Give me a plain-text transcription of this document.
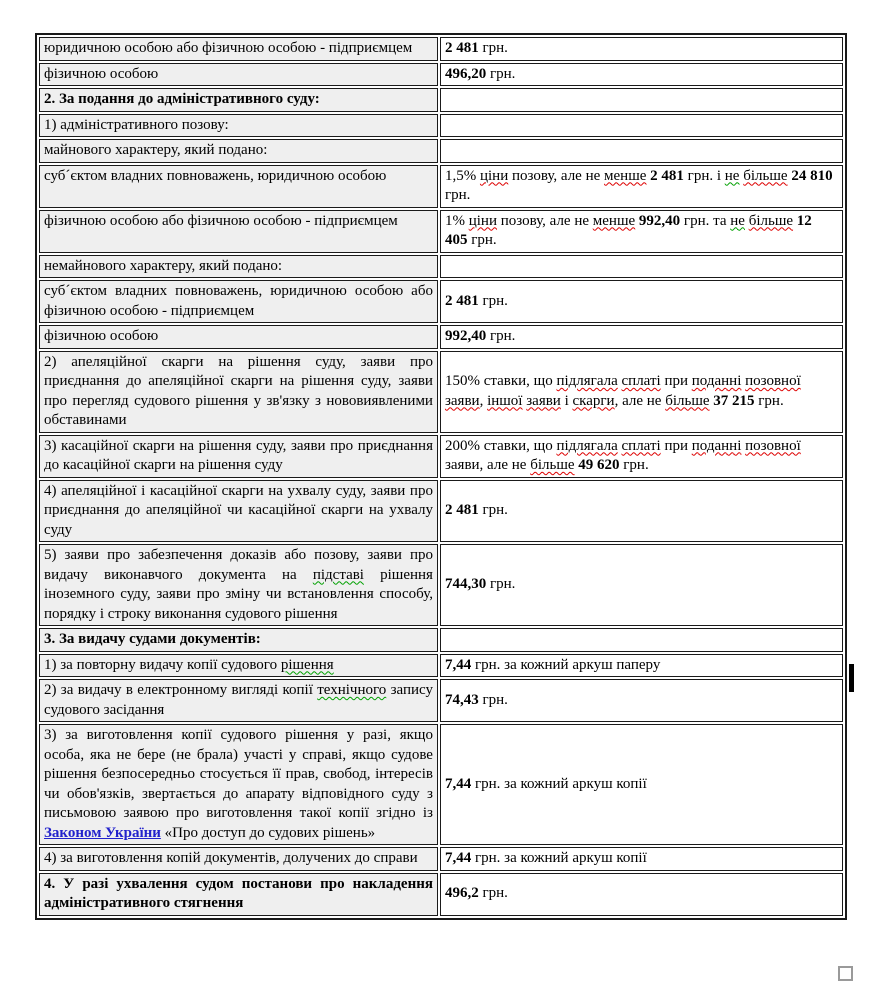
юридичною особою або фізичною особою - підприємцем	2 481 грн.
фізичною особою	496,20 грн.
2. За подання до адміністративного суду:	
1) адміністративного позову:	
майнового характеру, який подано:	
суб´єктом владних повноважень, юридичною особою	1,5% ціни позову, але не менше 2 481 грн. і не більше 24 810 грн.
фізичною особою або фізичною особою - підприємцем	1% ціни позову, але не менше 992,40 грн. та не більше 12 405 грн.
немайнового характеру, який подано:	
суб´єктом владних повноважень, юридичною особою або фізичною особою - підприємцем	2 481 грн.
фізичною особою	992,40 грн.
2) апеляційної скарги на рішення суду, заяви про приєднання до апеляційної скарги на рішення суду, заяви про перегляд судового рішення у зв'язку з нововиявленими обставинами	150% ставки, що підлягала сплаті при поданні позовної заяви, іншої заяви і скарги, але не більше 37 215 грн.
3) касаційної скарги на рішення суду, заяви про приєднання до касаційної скарги на рішення суду	200% ставки, що підлягала сплаті при поданні позовної заяви, але не більше 49 620 грн.
4) апеляційної і касаційної скарги на ухвалу суду, заяви про приєднання до апеляційної чи касаційної скарги на ухвалу суду	2 481 грн.
5) заяви про забезпечення доказів або позову, заяви про видачу виконавчого документа на підставі рішення іноземного суду, заяви про зміну чи встановлення способу, порядку і строку виконання судового рішення	744,30 грн.
3. За видачу судами документів:	
1) за повторну видачу копії судового рішення	7,44 грн. за кожний аркуш паперу
2) за видачу в електронному вигляді копії технічного запису судового засідання	74,43 грн.
3) за виготовлення копії судового рішення у разі, якщо особа, яка не бере (не брала) участі у справі, якщо судове рішення безпосередньо стосується її прав, свобод, інтересів чи обов'язків, звертається до апарату відповідного суду з письмовою заявою про виготовлення такої копії згідно із Законом України «Про доступ до судових рішень»	7,44 грн. за кожний аркуш копії
4) за виготовлення копій документів, долучених до справи	7,44 грн. за кожний аркуш копії
4. У разі ухвалення судом постанови про накладення адміністративного стягнення	496,2 грн.
